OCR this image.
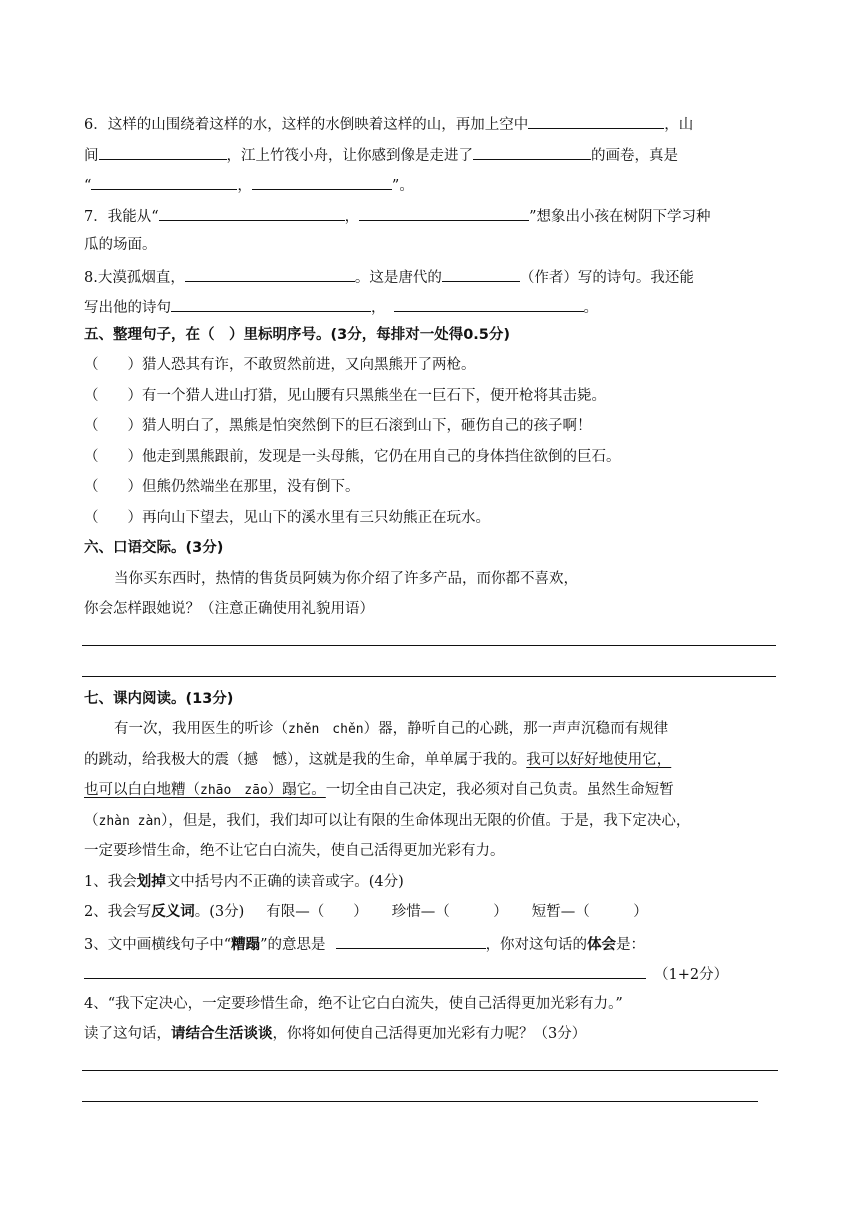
6．这样的山围绕着这样的水，这样的水倒映着这样的山，再加上空中	，山
间	，江上竹筏小舟，让你感到像是走进了	的画卷，真是
“	，	”。
7．我能从“	，	”想象出小孩在树阴下学习种
瓜的场面。
8.大漠孤烟直，	。这是唐代的	（作者）写的诗句。我还能
写出他的诗句	，	。
五、整理句子，在（　）里标明序号。(3分，每排对一处得0.5分)
（　　）猎人恐其有诈，不敢贸然前进，又向黑熊开了两枪。
（　　）有一个猎人进山打猎，见山腰有只黑熊坐在一巨石下，便开枪将其击毙。
（　　）猎人明白了，黑熊是怕突然倒下的巨石滚到山下，砸伤自己的孩子啊！
（　　）他走到黑熊跟前，发现是一头母熊，它仍在用自己的身体挡住欲倒的巨石。
（　　）但熊仍然端坐在那里，没有倒下。
（　　）再向山下望去，见山下的溪水里有三只幼熊正在玩水。
六、口语交际。(3分)
当你买东西时，热情的售货员阿姨为你介绍了许多产品，而你都不喜欢，
你会怎样跟她说？（注意正确使用礼貌用语）
七、课内阅读。(13分)
有一次，我用医生的听诊（zhěn　chěn）器，静听自己的心跳，那一声声沉稳而有规律
的跳动，给我极大的震（撼　憾），这就是我的生命，单单属于我的。我可以好好地使用它，
也可以白白地糟（zhāo　zāo）蹋它。一切全由自己决定，我必须对自己负责。虽然生命短暂
（zhàn zàn），但是，我们，我们却可以让有限的生命体现出无限的价值。于是，我下定决心，
一定要珍惜生命，绝不让它白白流失，使自己活得更加光彩有力。
1、我会划掉文中括号内不正确的读音或字。(4分)
2、我会写反义词。(3分) 有限—（　　） 珍惜—（　　　） 短暂—（　　　）
3、文中画横线句子中“糟蹋”的意思是	，你对这句话的体会是：
（1+2分）
4、“我下定决心，一定要珍惜生命，绝不让它白白流失，使自己活得更加光彩有力。”
读了这句话，请结合生活谈谈，你将如何使自己活得更加光彩有力呢？（3分）
